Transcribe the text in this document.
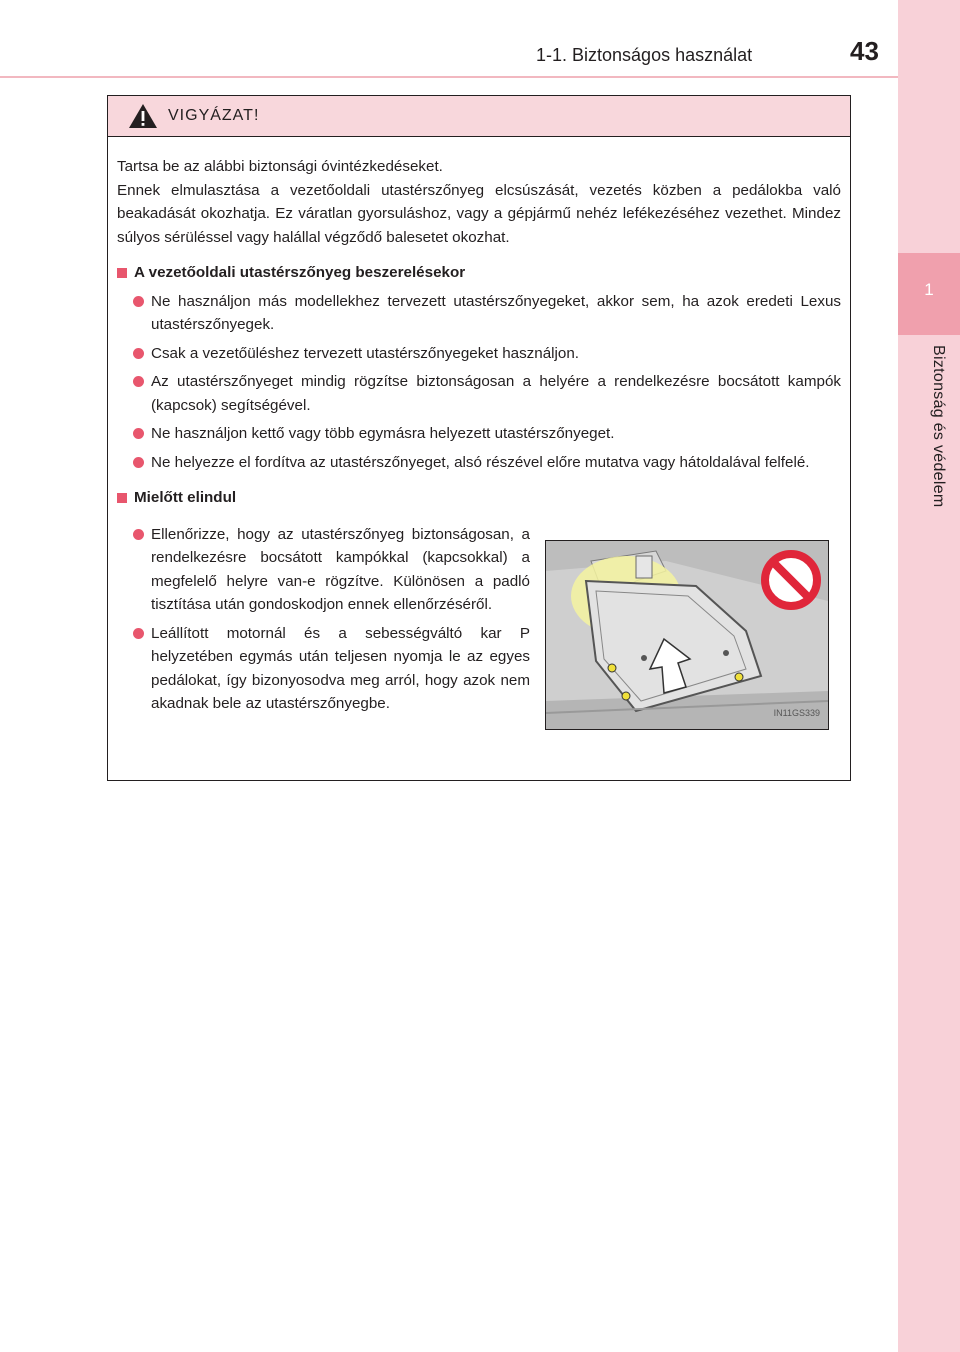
1-1. Biztonságos használat	43
1
Biztonság és védelem
VIGYÁZAT!

Tartsa be az alábbi biztonsági óvintézkedéseket.

Ennek elmulasztása a vezetőoldali utastérszőnyeg elcsúszását, vezetés közben a pedálokba való beakadását okozhatja. Ez váratlan gyorsuláshoz, vagy a gépjármű nehéz lefékezéséhez vezethet. Mindez súlyos sérüléssel vagy halállal végződő balesetet okozhat.

A vezetőoldali utastérszőnyeg beszerelésekor
Ne használjon más modellekhez tervezett utastérszőnyegeket, akkor sem, ha azok eredeti Lexus utastérszőnyegek.
Csak a vezetőüléshez tervezett utastérszőnyegeket használjon.
Az utastérszőnyeget mindig rögzítse biztonságosan a helyére a rendelkezésre bocsátott kampók (kapcsok) segítségével.
Ne használjon kettő vagy több egymásra helyezett utastérszőnyeget.
Ne helyezze el fordítva az utastérszőnyeget, alsó részével előre mutatva vagy hátoldalával felfelé.
Mielőtt elindul
Ellenőrizze, hogy az utastérszőnyeg biztonságosan, a rendelkezésre bocsátott kampókkal (kapcsokkal) a megfelelő helyre van-e rögzítve. Különösen a padló tisztítása után gondoskodjon ennek ellenőrzéséről.
Leállított motornál és a sebességváltó kar P helyzetében egymás után teljesen nyomja le az egyes pedálokat, így bizonyosodva meg arról, hogy azok nem akadnak bele az utastérszőnyegbe.
IN11GS339
